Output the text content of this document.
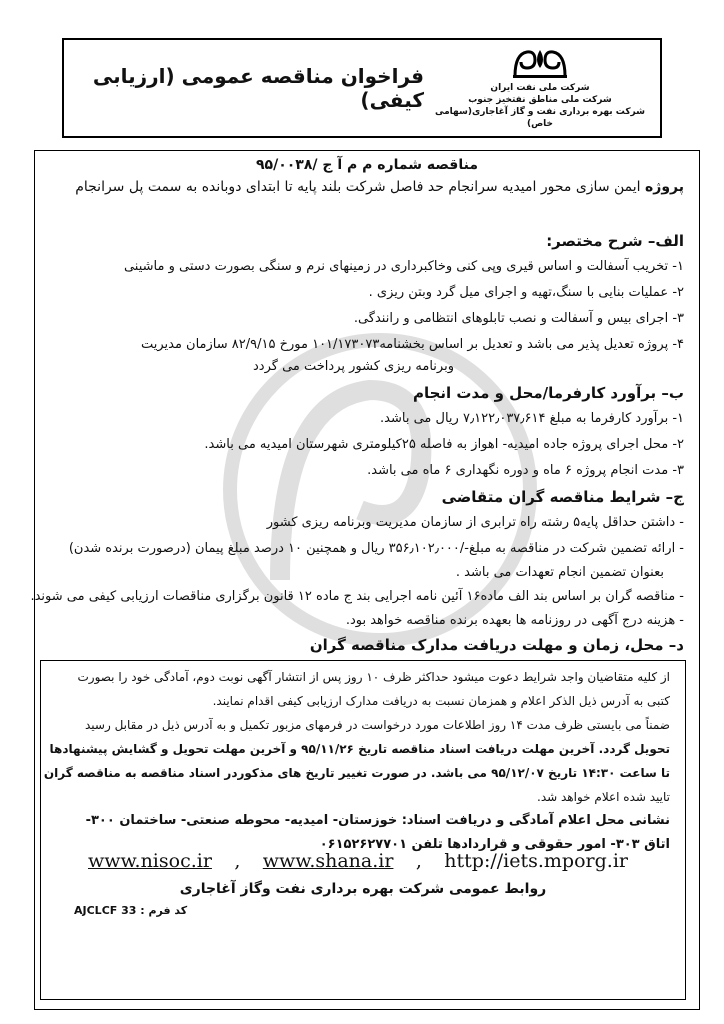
فراخوان مناقصه عمومی (ارزیابی کیفی)	شرکت ملی نفت ایران
شرکت ملی مناطق نفتخیز جنوب
شرکت بهره برداری نفت و گاز آغاجاری(سهامی خاص)
مناقصه شماره م م آ ج /۹۵/۰۰۳۸
پروژه ایمن سازی محور امیدیه سرانجام حد فاصل شرکت بلند پایه تا ابتدای دوبانده به سمت پل سرانجام
الف– شرح مختصر:
۱- تخریب آسفالت و اساس قیری وپی کنی وخاکبرداری در زمینهای نرم و سنگی بصورت دستی و ماشینی
۲- عملیات بنایی با سنگ،تهیه و اجرای میل گرد وبتن ریزی .
۳- اجرای بیس و آسفالت و نصب تابلوهای انتظامی و رانندگی.
۴- پروژه تعدیل پذیر می باشد و تعدیل بر اساس بخشنامه۱۰۱/۱۷۳۰۷۳ مورخ ۸۲/۹/۱۵ سازمان مدیریت
وبرنامه ریزی کشور پرداخت می گردد
ب– برآورد کارفرما/محل و مدت انجام
۱- برآورد کارفرما به مبلغ ۷٫۱۲۲٫۰۳۷٫۶۱۴ ریال می باشد.
۲- محل اجرای پروژه جاده امیدیه- اهواز به فاصله ۲۵کیلومتری شهرستان امیدیه می باشد.
۳- مدت انجام پروژه ۶ ماه و دوره نگهداری ۶ ماه می باشد.
ج– شرایط مناقصه گران متقاضی
- داشتن حداقل پایه۵ رشته راه ترابری از سازمان مدیریت وبرنامه ریزی کشور
- ارائه تضمین شرکت در مناقصه به مبلغ-/۳۵۶٫۱۰۲٫۰۰۰ ریال و همچنین ۱۰ درصد مبلغ پیمان (درصورت برنده شدن)
بعنوان تضمین انجام تعهدات می باشد .
- مناقصه گران بر اساس بند الف ماده۱۶ آئین نامه اجرایی بند ج ماده ۱۲ قانون برگزاری مناقصات ارزیابی کیفی می شوند.
- هزینه درج آگهی در روزنامه ها بعهده برنده مناقصه خواهد بود.
د– محل، زمان و مهلت دریافت مدارک مناقصه گران
از کلیه متقاضیان واجد شرایط دعوت میشود حداکثر ظرف ۱۰ روز پس از انتشار آگهی نوبت دوم، آمادگی خود را بصورت
کتبی به آدرس ذیل الذکر اعلام و همزمان نسبت به دریافت مدارک ارزیابی کیفی اقدام نمایند.
ضمناً می بایستی ظرف مدت ۱۴ روز اطلاعات مورد درخواست در فرمهای مزبور تکمیل و به آدرس ذیل در مقابل رسید
تحویل گردد. آخرین مهلت دریافت اسناد مناقصه تاریخ ۹۵/۱۱/۲۶ و آخرین مهلت تحویل و گشایش پیشنهادها
تا ساعت ۱۴:۳۰ تاریخ ۹۵/۱۲/۰۷ می باشد. در صورت تغییر تاریخ های مذکوردر اسناد مناقصه به مناقصه گران
تایید شده اعلام خواهد شد.
نشانی محل اعلام آمادگی و دریافت اسناد: خوزستان- امیدیه- محوطه صنعتی- ساختمان ۳۰۰-
اتاق ۳۰۳- امور حقوقی و قراردادها تلفن ۰۶۱۵۲۶۲۷۷۰۱
www.nisoc.ir , www.shana.ir , http://iets.mporg.ir
روابط عمومی شرکت بهره برداری نفت وگاز آغاجاری
کد فرم : AJCLCF 33
